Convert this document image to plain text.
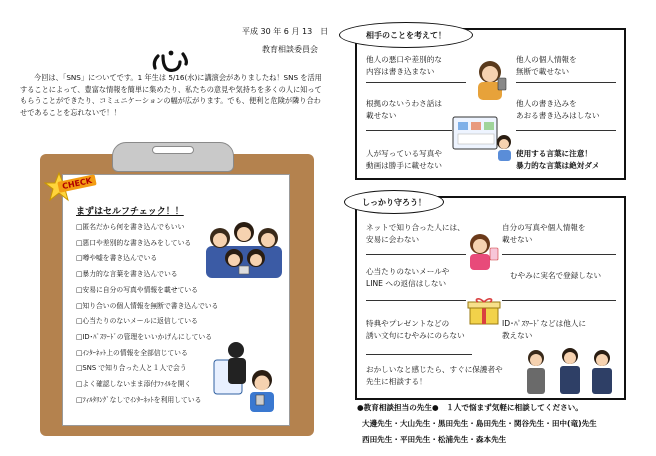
平成 30 年 6 月 13　日
教育相談委員会

今回は、「SNS」についてです。1 年生は 5/16(水)に講演会がありましたね！SNS を活用することによって、豊富な情報を簡単に集めたり、私たちの意見や気持ちを多くの人に知ってもらうことができたり、コミュニケーションの幅が広がります。でも、便利と危険が隣り合わせであることを忘れないで！！

CHECK
まずはセルフチェック！！
□匿名だから何を書き込んでもいい
□悪口や差別的な書き込みをしている
□噂や嘘を書き込んでいる
□暴力的な言葉を書き込んでいる
□安易に自分の写真や情報を載せている
□知り合いの個人情報を無断で書き込んでいる
□心当たりのないメールに返信している
□ID･ﾊﾟｽﾜｰﾄﾞの管理をいいかげんにしている
□ｲﾝﾀｰﾈｯﾄ上の情報を全部信じている
□SNS で知り合った人と１人で会う
□よく確認しないまま添付ﾌｧｲﾙを開く
□ﾌｨﾙﾀﾘﾝｸﾞなしでｲﾝﾀｰﾈｯﾄを利用している
相手のことを考えて！
他人の悪口や差別的な
内容は書き込まない
根拠のないうわさ話は
載せない
人が写っている写真や
動画は勝手に載せない
他人の個人情報を
無断で載せない
他人の書き込みを
あおる書き込みはしない
使用する言葉に注意！
暴力的な言葉は絶対ダメ
しっかり守ろう！
ネットで知り合った人には、
安易に会わない
心当たりのないメールや
LINE への返信はしない
特典やプレゼントなどの
誘い文句にむやみにのらない
おかしいなと感じたら、すぐに保護者や
先生に相談する！
自分の写真や個人情報を
載せない
むやみに実名で登録しない
ID･ﾊﾟｽﾜｰﾄﾞなどは他人に
教えない
●教育相談担当の先生●　１人で悩まず気軽に相談してください。
大邊先生・大山先生・黒田先生・島田先生・関谷先生・田中(竜)先生
西田先生・平田先生・松浦先生・森本先生
